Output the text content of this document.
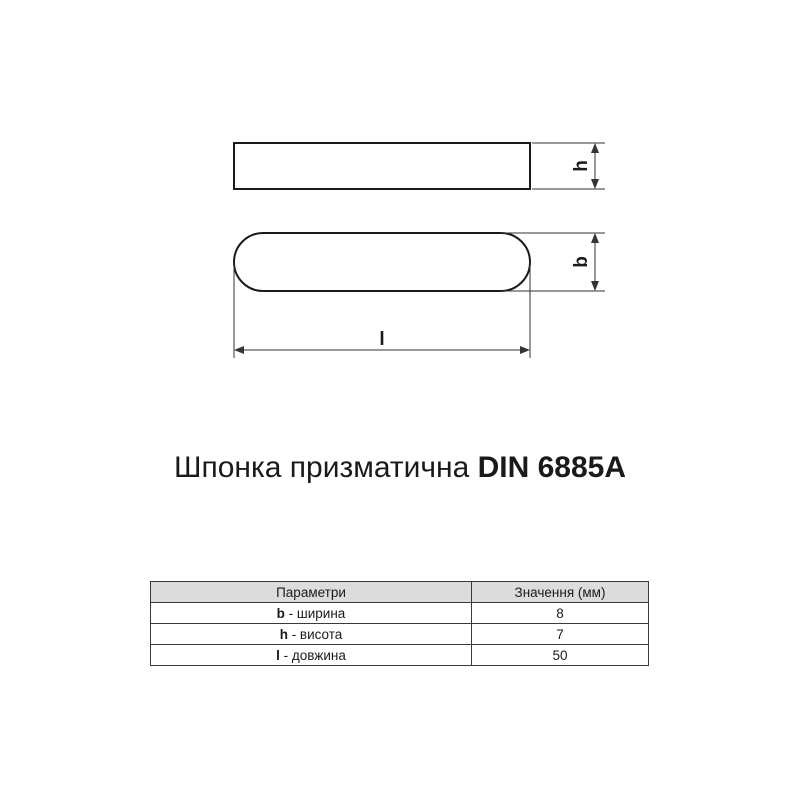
h
b
l
Шпонка призматична DIN 6885A
Параметри	Значення (мм)
b - ширина	8
h - висота	7
l - довжина	50
